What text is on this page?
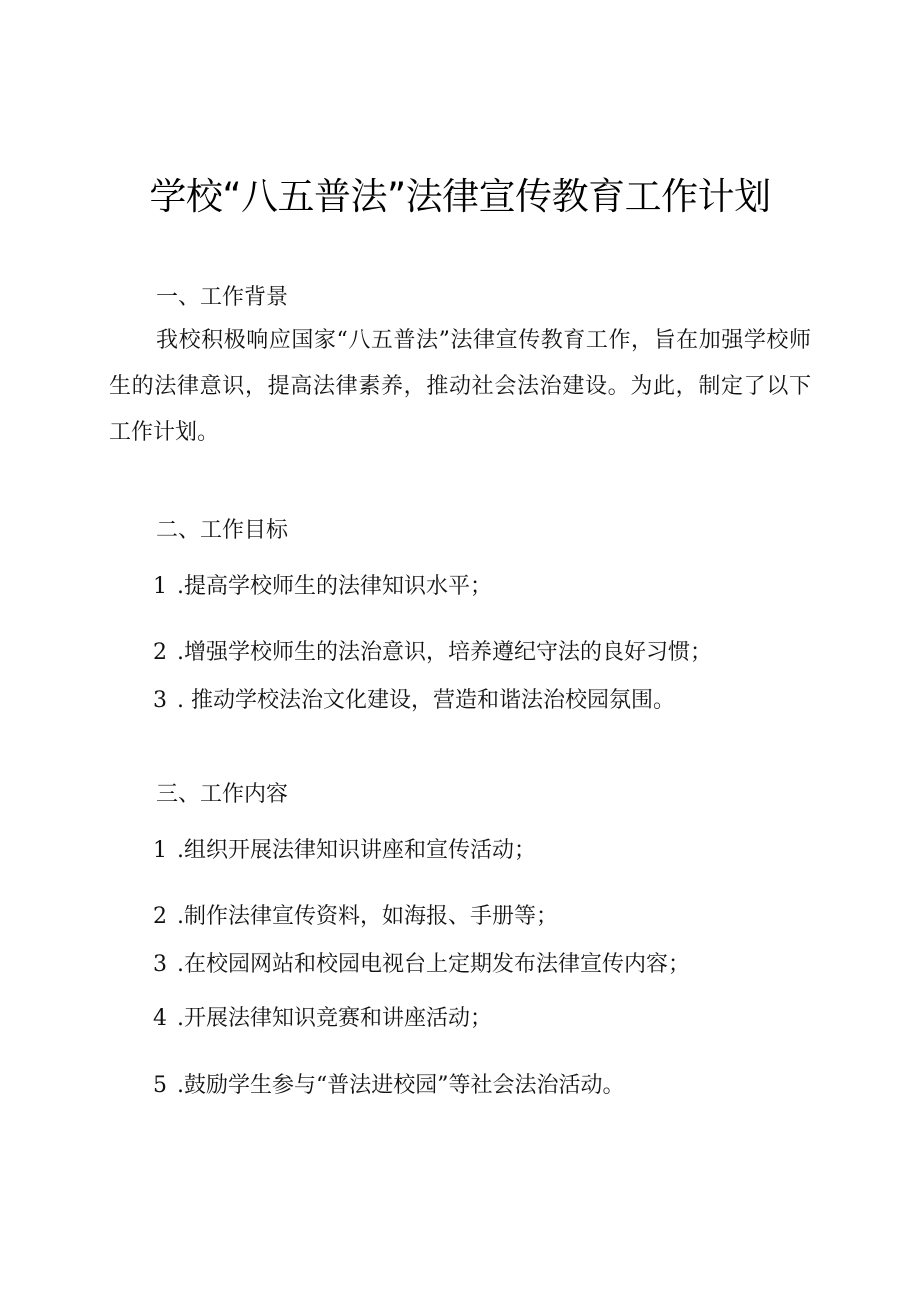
学校“八五普法”法律宣传教育工作计划
一、工作背景
我校积极响应国家“八五普法”法律宣传教育工作，旨在加强学校师生的法律意识，提高法律素养，推动社会法治建设。为此，制定了以下工作计划。
二、工作目标
1 .提高学校师生的法律知识水平；
2 .增强学校师生的法治意识，培养遵纪守法的良好习惯；
3 . 推动学校法治文化建设，营造和谐法治校园氛围。
三、工作内容
1 .组织开展法律知识讲座和宣传活动；
2 .制作法律宣传资料，如海报、手册等；
3 .在校园网站和校园电视台上定期发布法律宣传内容；
4 .开展法律知识竞赛和讲座活动；
5 .鼓励学生参与“普法进校园”等社会法治活动。
